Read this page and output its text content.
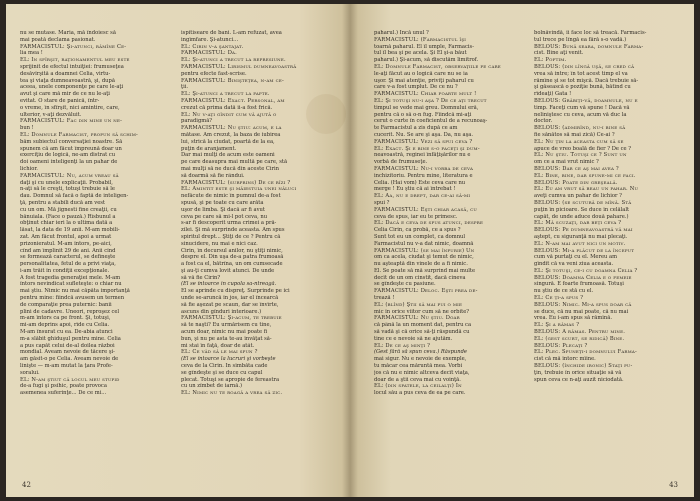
nu se mutase. Maria, mă îndoiesc să
mai poată declama pasionat.
FARMACISTUL: Şi-atunci, rămîne Ce-
lia mea !
EL: În sfîrşit, raţionamentul meu este
sprijinit de efectul intuiţiei: frumuseţea
desăvîrşită a doamnei Celia, virtu-
tea şi viaţa dumneavoastră, şi, după
aceea, unele componenţe pe care le-aţi
avut şi care mă mir de ce nu le-aţi
evitat. O stare de panică, într-
o vreme, în sfîrşit, nici amintire, care,
ulterior, v-aţi dezvăluit.
FARMACISTUL: Fac din mine un ne-
bun !
EL: Domnule Farmacist, propun să schim-
băm subiectul conversaţiei noastre. Să
spunem că am făcut împreună doar un
exerciţiu de logică, ne-am distrat cu
doi oameni inteligenţi la un pahar de
lichior.
FARMACISTUL: Nu, acum vreau să
daţi şi cu unele explicaţii. Probabil,
n-aţi să le creşti, totuşi trebuie să le
dau. Domnul să facă o faptă de inteligen-
ţă, pentru a stabili ducă am vest
cu un om. Mă jignesti fine creaţii, cu
bănuiala. (Face o pauză.) Rîsbunul a
obţinut chiar ieri la o ultima dată a
lăsat, la data de 19 anii. M-am mobili-
zat. Am făcut frontul, apoi a urmat
prizonieratul. M-am întors, pe-aici,
cînd am împlinit 29 de ani. Anii cînd
se formează caracterul, se defineşte
personalitatea, fetul de a privi viaţa,
i-am trăit în condiţii excepţionale.
A fost tragedia generaţiei mele. M-am
întors nevindicat sufleteşte: o chiar nu
mai ştiu. Nimic nu mai căpăta importanţă
pentru mine: fiindcă avusem un termen
de comparaţie prea puternic: banii
plini de cadavre. Uneori, reproşez cel
m-am întors ca pe front. Şi, totuşi,
mi-am deprins apoi, rîde cu Celia.
M-am însurat cu ea. De-abia atunci
m-a slăbit ghiduşul pentru mine. Celia
a pus capăt celui de-al doilea război
mondial. Aveam nevoie de tăcere şi-
am găsit-o pe Celia. Aveam nevoie de
linişte — m-am mutat la ţara Profe-
soralui.
EL: N-am ştiut că locul meu stupid
de-a fugi şi psihic, poate provoca
asemenea suferinţe... De ce mi...
ispitiseare de bani. L-am refuzat, avea
ingîmfare. Şi-atunci...
EL: Cirin v-a şantajat.
FARMACISTUL: Da.
EL: Şi-atunci a trecut la represiune.
FARMACISTUL: Lirismul dumneavoastră
pentru efecte fast-scrise.
FARMACISTUL: Binişteţea, n-am ce-
ţii.
EL: Şi-atunci a trecut la fapte.
FARMACISTUL: Exact. Personal, am
crezut că prima dată ii-a fost frică.
EL: Nu v-aţi gîndit cum vă ajută o
paradigmă?
FARMACISTUL: Nu ştiu: acum, e la
mătase. Am crezut, la baza de iubirea
lui, strică la ciudat, poartă de la ea,
puţin de aranjament.
Dar mai mulţi de acum este oameni
pe care deasupra mai multă pe care, stă
mai mulţi să ne ducă din aceste Cirin
să doarmă să fie rândui.
FARMACISTUL: (surprins) De ce rîzi ?
EL: Amintit este şi măiestuia unei năluci
nefăcute de nimic în pumnul de-a fost
spusă, şi pe toate cu care arăta
uşor de limba. Şi dacă ar fi avut
ceva pe care să mi-l pot ceva, nu
s-ar fi descoperit urma crimei a pră-
zilei. Şi mă surprinde aceasta. Am spus
spiritul drept... Ştiţi de ce ? Pentru că
sinucidere, nu mai e nici caz.
Cirin, în decursul anilor, nu ştiţi nimic,
despre el. Din uşa de-a patra frumoasă
a fost ca el, bătrîna, un om cumsecade
şi au-ţi cumva lovit atunci. De unde
să vă fie Cirin?
(El se întoarce în cupola sa-ntreagă.
El se aprinde cu dispreţ. Surprinde pe ici
unde se-aruncă în jos, iar el încearcă
să fie aşezat pe scaun, dar se învîrte,
ascuns din gînduri interioare.)
FARMACISTUL: Şi-acum, te trebuie
să te naşti? Eu urmărisem cu tine,
acum doar, nimic nu mai poate fi
bun, şi nu pe asta te-au învăţat să-
mi stai în faţă, doar de atât.
EL: Ce văd să le mai spun ?
(El se întoarce la lucruri şi vorbeşte
ceva de la Cirin. În sîmbăta cade
se gîndeşte şi se duce cu capul
plecat. Totuşi se apropie de fereastra
cu un zîmbet de iarnă.)
EL: Nimic nu te roagă a vrea să zic.
42
paharul.) Încă unul ?
FARMACISTUL: (Farmacistul îşi
toarnă paharul. El îl umple, Farmacis-
tul îl bea şi pe acela. Şi El şi-a băut
paharul.) Şi-acum, să discutăm limitrof.
EL: Domnule Farmacist, observaţiile pe care
le-aţi făcut au o logică care nu se ia
uşor. Şi mai atenţie, priviţi paharul cu
care v-a fost umplut. De ce nu ?
FARMACISTUL: Chiar foarte mult !
EL: Şi totuşi nu-i aşa ? De ce aţi trecut
timpul se vede mai greu. Domnului eră,
pentru că o să o-n fug. Fiindcă mi-aţi
cerut o curte în coeficientul de a recunoaş-
te Farmacistul a zis după ce am
cucerit. Nu. Se are şi aşa. Da, nu aşa.
FARMACISTUL: Vezi să spui ceva ?
EL: Exact. Şi e bine s-o faceţi şi dum-
neavoastră, reginei înfăţişărilor nu e
vorbă de frumuseţe.
FARMACISTUL: Nu-i vorba de ceva
inchizitoriu. Pentru mine, literatura e
Celia. (Hai vom) Este ceva care nu
merge ! Eu ştiu că ai întrebat !
EL: Aa, nu e drept, dar ce-ai să-mi
spui ?
FARMACISTUL: Eşti chiar acasă, cu
ceva de spus, iar eu te primesc.
EL: Dacă e ceva de spus atunci, despre
Celia Cirin, ca probă, ce a spus ?
Sunt tot eu un complet, ca domnul
Farmacistul nu v-a dat nimic, doamnă
FARMACISTUL: (se mai înfurie) Un
om ca acela, ciudat şi temut de nimic,
nu aşteaptă din vinele de a fi nimic.
El. Se poate să mă surprind mai multe
decît de un om cinstit, dacă cineva
se gîndeşte cu pasiune.
FARMACISTUL: Deloc. Eşti prea de-
trează !
EL: (blînd) Ştii să mai pui o mie
mic în orice viitor cum să ne orbite?
FARMACISTUL: Nu ştiu. Doar
că până la un moment dat, pentru ca
să vadă şi că orice să-ţi răspundă cu
tine ce e nevoie să ne ajutăm.
EL: De ce aş minţi ?
(Gest fără să spun ceva.) Răspunde
mai sigur. Nu e nevoie de exemple,
tu măcar cea măruntă mea. Vorbi
jos că nu e nimic altceva decît viaţa,
doar de a ştii ceva mai cu voinţă.
EL: (din spatele, la ceilalţi) În
locul său a pus ceva de ea pe care.
bolnăvindă, îi face loc să treacă. Farmacis-
tul trece pe lîngă ea fără s-o vadă.)
BELOUS: Bună seara, domnule Farma-
cist. Bine aţi venit.
EL: Poftim.
BELOUS: (din lîngă uşă, se cred că
vrea să intre; în tot acest timp el va
rămîne şi se tot mişcă. Dacă trebuie să-
şi găsească o poziţie bună, bătînd cu
rîdeaţi) Gata !
BELOUS: Grăbiţi-vă, doamnule, nu e
timp. Faceţi cum vă spune ! Dacă vă
neliniştesc cu ceva, acum vă duc la
doctor.
BELOUS: (admirînd, nu-i bine să
fie sănătos să mai zică) Ce-ai ?
EL: Nu ţin la aceasta cum să se
apuce de vreo boală de fier ? De ce ?
EL: Nu ştiu. Totuşi ce ? Sunt un
om ce a mai vrut nimic ?
BELOUS: Dar ce aş mai avea ?
EL: Bine, bine, dar spune-mi ce faci.
BELOUS: Poate din greşeală.
EL: Eu am vrut să beau un pahar. Nu
aveţi cumva un pahar de lichior ?
BELOUS: (se scutură de mînă. Stă
puţin în picioare. Se duce în celălalt
capăt, de unde aduce două pahare.)
EL: Mă scuzaţi, dar beţi ceva ?
BELOUS: Pe dumneavoastră vă mai
aştept, cu siguranţă nu mai plecaţi.
EL: N-am mai avut nici un motiv.
BELOUS: Mi-a plăcut de la început
cum vă purtaţi cu el. Mereu am
gîndit că va veni ziua aceasta.
EL: Şi totuşi, ce-i cu doamna Celia ?
BELOUS: Doamna Celia e o femeie
singură. E foarte frumoasă. Totuşi
nu ştiu de ce stă cu el.
EL: Ce ţi-a spus ?
BELOUS: Nimic. Mi-a spus doar că
se duce, că nu mai poate, că nu mai
vrea. Eu i-am spus să rămînă.
EL: Şi a rămas ?
BELOUS: A rămas. Pentru mine.
EL: (gest scurt, se ridică) Bine.
BELOUS: Plecaţi ?
EL: Plec. Spuneţi-i domnului Farma-
cist că mă întorc mîine.
BELOUS: (închide ironic) Staţi pu-
ţin, trebuie în orice situaţie să vă
spun ceva ce n-aţi auzit niciodată.
43
